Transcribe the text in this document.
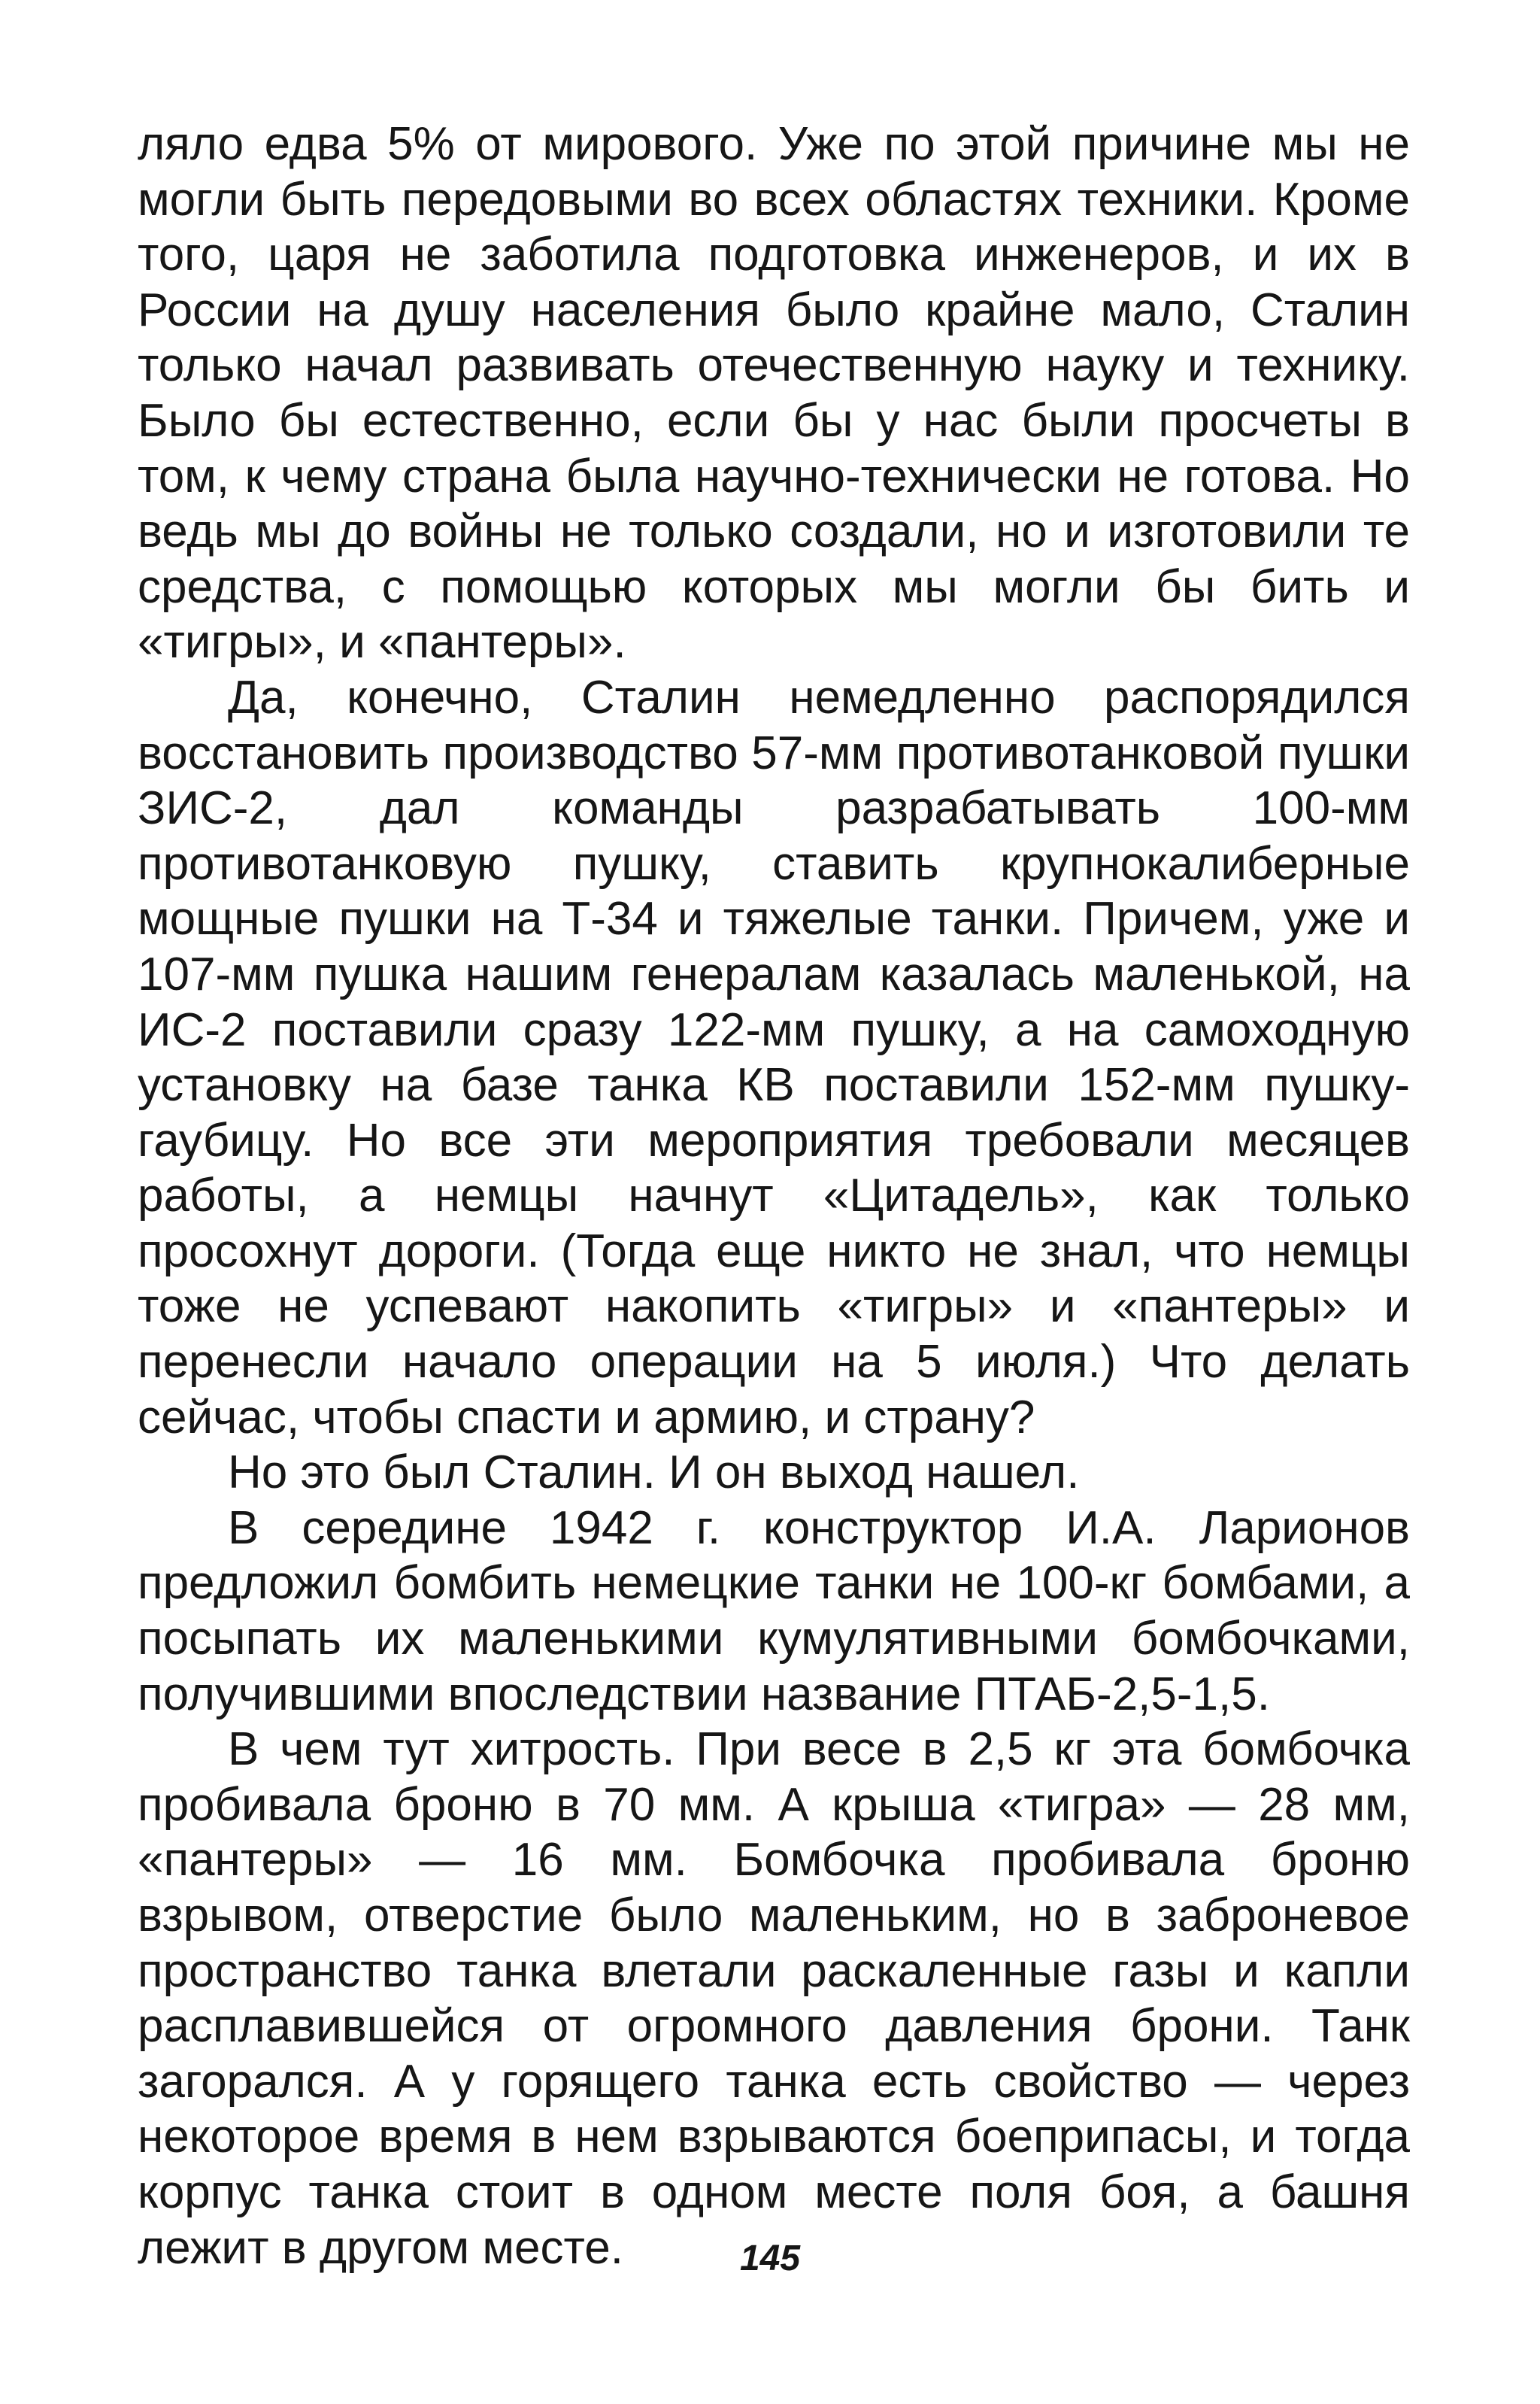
ляло едва 5% от мирового. Уже по этой причине мы не могли быть передовыми во всех областях техники. Кроме того, царя не заботила подготовка инженеров, и их в России на душу населения было крайне мало, Сталин только начал развивать отечественную науку и технику. Было бы естественно, если бы у нас были просчеты в том, к чему страна была научно-технически не готова. Но ведь мы до войны не только создали, но и изготовили те средства, с помощью которых мы могли бы бить и «тигры», и «пантеры».

Да, конечно, Сталин немедленно распорядился восстановить производство 57-мм противотанковой пушки ЗИС-2, дал команды разрабатывать 100-мм противотанковую пушку, ставить крупнокалиберные мощные пушки на Т-34 и тяжелые танки. Причем, уже и 107-мм пушка нашим генералам казалась маленькой, на ИС-2 поставили сразу 122-мм пушку, а на самоходную установку на базе танка КВ поставили 152-мм пушку-гаубицу. Но все эти мероприятия требовали месяцев работы, а немцы начнут «Цитадель», как только просохнут дороги. (Тогда еще никто не знал, что немцы тоже не успевают накопить «тигры» и «пантеры» и перенесли начало операции на 5 июля.) Что делать сейчас, чтобы спасти и армию, и страну?

Но это был Сталин. И он выход нашел.

В середине 1942 г. конструктор И.А. Ларионов предложил бомбить немецкие танки не 100-кг бомбами, а посыпать их маленькими кумулятивными бомбочками, получившими впоследствии название ПТАБ-2,5-1,5.

В чем тут хитрость. При весе в 2,5 кг эта бомбочка пробивала броню в 70 мм. А крыша «тигра» — 28 мм, «пантеры» — 16 мм. Бомбочка пробивала броню взрывом, отверстие было маленьким, но в заброневое пространство танка влетали раскаленные газы и капли расплавившейся от огромного давления брони. Танк загорался. А у горящего танка есть свойство — через некоторое время в нем взрываются боеприпасы, и тогда корпус танка стоит в одном месте поля боя, а башня лежит в другом месте.	145
